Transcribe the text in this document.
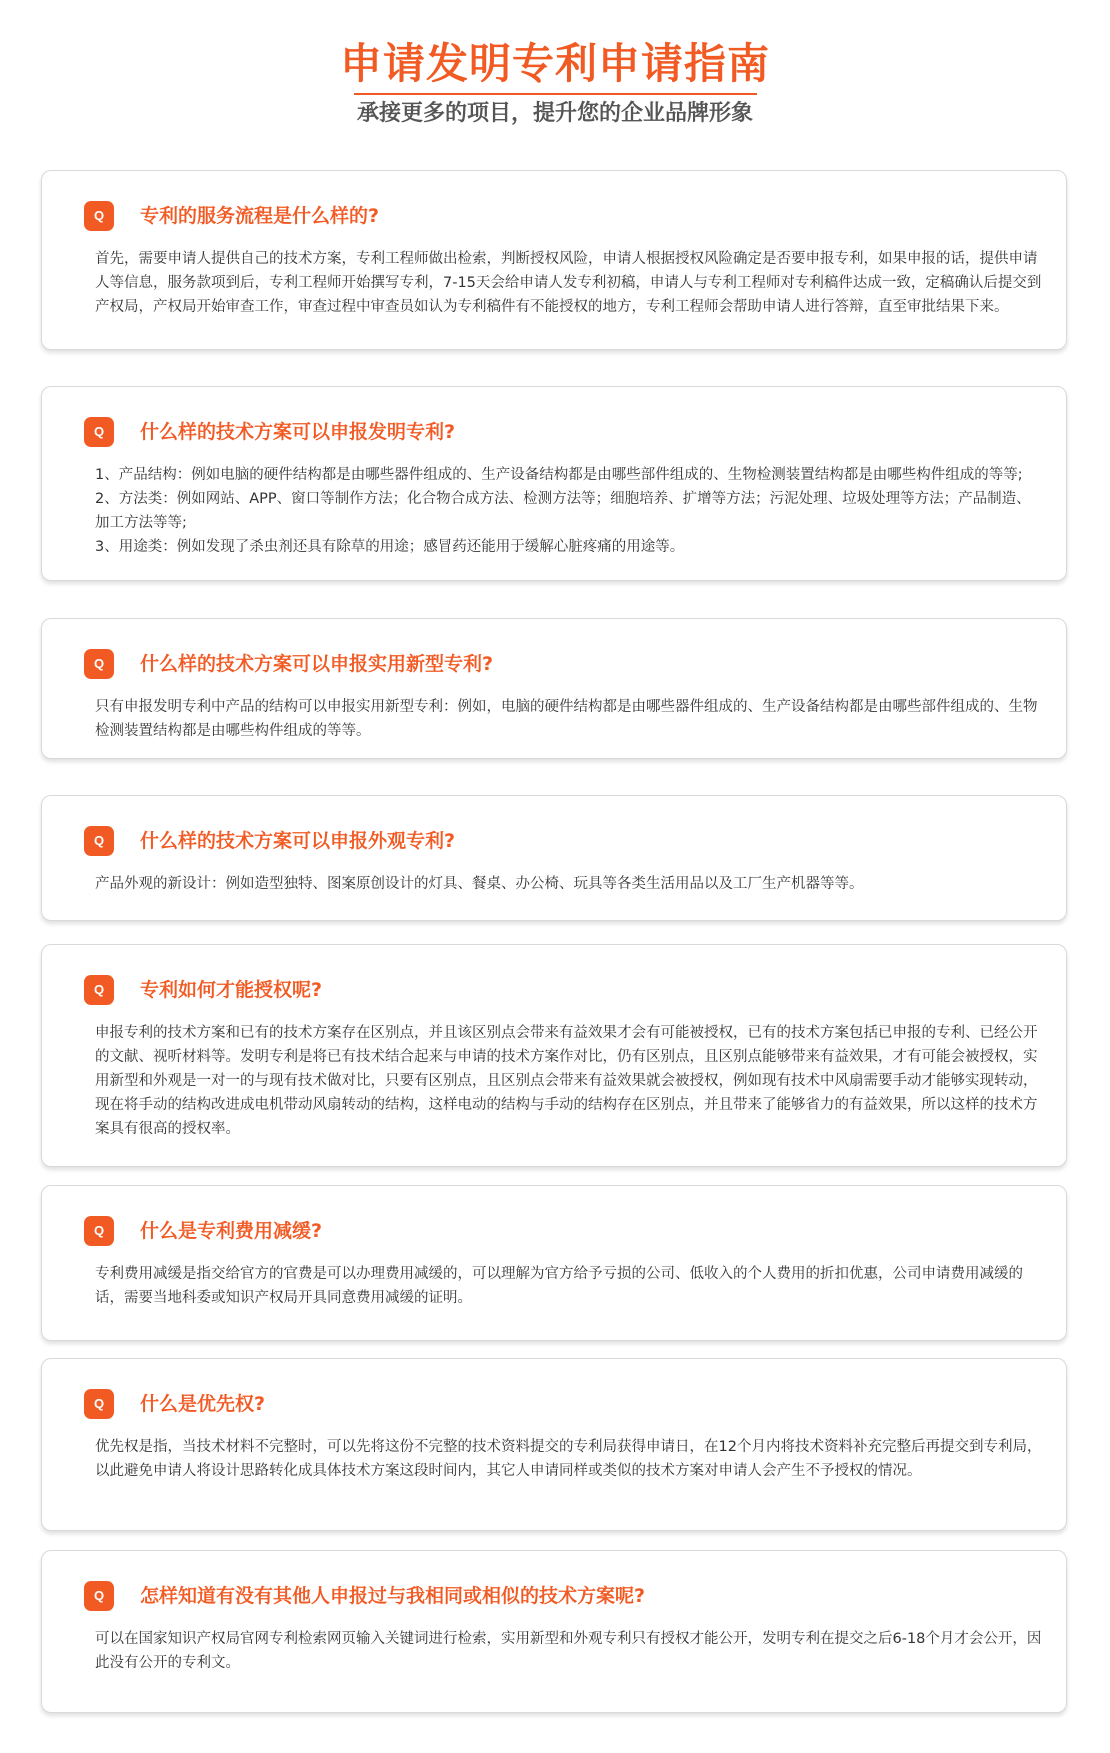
申请发明专利申请指南
承接更多的项目，提升您的企业品牌形象
Q	专利的服务流程是什么样的?

首先，需要申请人提供自己的技术方案，专利工程师做出检索，判断授权风险，申请人根据授权风险确定是否要申报专利，如果申报的话，提供申请人等信息，服务款项到后，专利工程师开始撰写专利，7-15天会给申请人发专利初稿，申请人与专利工程师对专利稿件达成一致，定稿确认后提交到产权局，产权局开始审查工作，审查过程中审查员如认为专利稿件有不能授权的地方，专利工程师会帮助申请人进行答辩，直至审批结果下来。

Q	什么样的技术方案可以申报发明专利?

1、产品结构：例如电脑的硬件结构都是由哪些器件组成的、生产设备结构都是由哪些部件组成的、生物检测装置结构都是由哪些构件组成的等等;

2、方法类：例如网站、APP、窗口等制作方法；化合物合成方法、检测方法等；细胞培养、扩增等方法；污泥处理、垃圾处理等方法；产品制造、加工方法等等;

3、用途类：例如发现了杀虫剂还具有除草的用途；感冒药还能用于缓解心脏疼痛的用途等。

Q	什么样的技术方案可以申报实用新型专利?

只有申报发明专利中产品的结构可以申报实用新型专利：例如，电脑的硬件结构都是由哪些器件组成的、生产设备结构都是由哪些部件组成的、生物检测装置结构都是由哪些构件组成的等等。

Q	什么样的技术方案可以申报外观专利?

产品外观的新设计：例如造型独特、图案原创设计的灯具、餐桌、办公椅、玩具等各类生活用品以及工厂生产机器等等。

Q	专利如何才能授权呢?

申报专利的技术方案和已有的技术方案存在区别点，并且该区别点会带来有益效果才会有可能被授权，已有的技术方案包括已申报的专利、已经公开的文献、视听材料等。发明专利是将已有技术结合起来与申请的技术方案作对比，仍有区别点，且区别点能够带来有益效果，才有可能会被授权，实用新型和外观是一对一的与现有技术做对比，只要有区别点，且区别点会带来有益效果就会被授权，例如现有技术中风扇需要手动才能够实现转动，现在将手动的结构改进成电机带动风扇转动的结构，这样电动的结构与手动的结构存在区别点，并且带来了能够省力的有益效果，所以这样的技术方案具有很高的授权率。

Q	什么是专利费用减缓?

专利费用减缓是指交给官方的官费是可以办理费用减缓的，可以理解为官方给予亏损的公司、低收入的个人费用的折扣优惠，公司申请费用减缓的话，需要当地科委或知识产权局开具同意费用减缓的证明。

Q	什么是优先权?

优先权是指，当技术材料不完整时，可以先将这份不完整的技术资料提交的专利局获得申请日，在12个月内将技术资料补充完整后再提交到专利局，以此避免申请人将设计思路转化成具体技术方案这段时间内，其它人申请同样或类似的技术方案对申请人会产生不予授权的情况。

Q	怎样知道有没有其他人申报过与我相同或相似的技术方案呢?

可以在国家知识产权局官网专利检索网页输入关键词进行检索，实用新型和外观专利只有授权才能公开，发明专利在提交之后6-18个月才会公开，因此没有公开的专利文。
